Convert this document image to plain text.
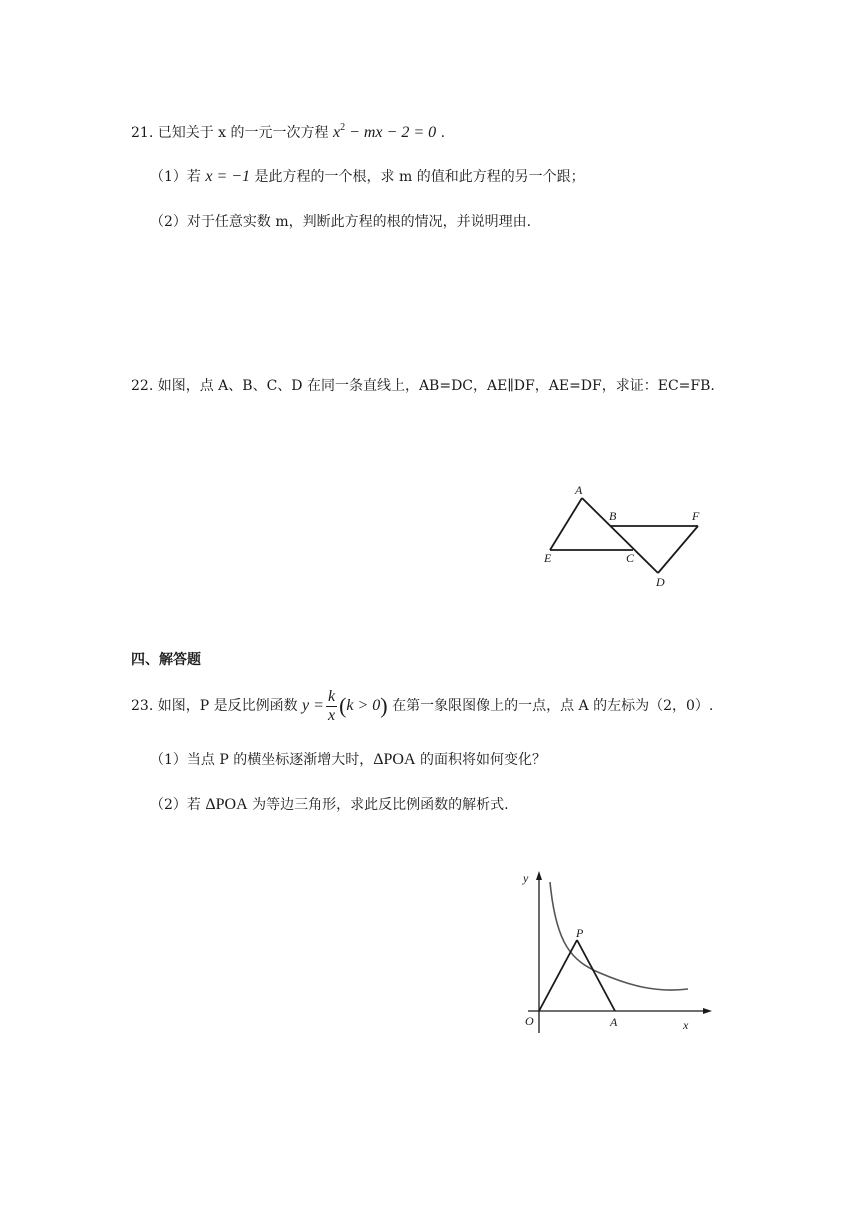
21. 已知关于 x 的一元一次方程 $x^2$ − mx − 2 = 0 .
（1）若 x = −1 是此方程的一个根，求 m 的值和此方程的另一个跟；
（2）对于任意实数 m，判断此方程的根的情况，并说明理由.
22. 如图，点 A、B、C、D 在同一条直线上，AB=DC，AE∥DF，AE=DF，求证：EC=FB.
A
B	F
E	C
D
四、解答题
23. 如图，P 是反比例函数 $y = \frac{k}{x} (k > 0)$ 在第一象限图像上的一点，点 A 的左标为（2，0）.
（1）当点 P 的横坐标逐渐增大时，ΔPOA 的面积将如何变化？
（2）若 ΔPOA 为等边三角形，求此反比例函数的解析式.
y
P
O	A	x
